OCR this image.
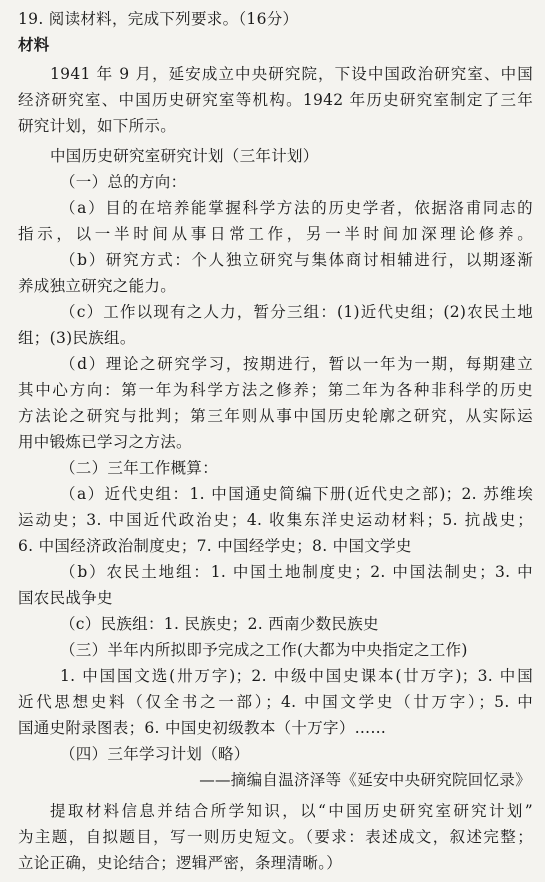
19. 阅读材料，完成下列要求。（16分）
材料
1941 年 9 月，延安成立中央研究院，下设中国政治研究室、中国
经济研究室、中国历史研究室等机构。1942 年历史研究室制定了三年
研究计划，如下所示。
中国历史研究室研究计划（三年计划）
（一）总的方向：
（a）目的在培养能掌握科学方法的历史学者，依据洛甫同志的
指示，以一半时间从事日常工作，另一半时间加深理论修养。
（b）研究方式：个人独立研究与集体商讨相辅进行，以期逐渐
养成独立研究之能力。
（c）工作以现有之人力，暂分三组：(1)近代史组；(2)农民土地
组；(3)民族组。
（d）理论之研究学习，按期进行，暂以一年为一期，每期建立
其中心方向：第一年为科学方法之修养；第二年为各种非科学的历史
方法论之研究与批判；第三年则从事中国历史轮廓之研究，从实际运
用中锻炼已学习之方法。
（二）三年工作概算：
（a）近代史组：1. 中国通史简编下册(近代史之部)；2. 苏维埃
运动史；3. 中国近代政治史；4. 收集东洋史运动材料；5. 抗战史；
6. 中国经济政治制度史；7. 中国经学史；8. 中国文学史
（b）农民土地组：1. 中国土地制度史；2. 中国法制史；3. 中
国农民战争史
（c）民族组：1. 民族史；2. 西南少数民族史
（三）半年内所拟即予完成之工作(大都为中央指定之工作)
1. 中国国文选(卅万字)；2. 中级中国史课本(廿万字)；3. 中国
近代思想史料（仅全书之一部）；4. 中国文学史（廿万字）；5. 中
国通史附录图表；6. 中国史初级教本（十万字）……
（四）三年学习计划（略）
——摘编自温济泽等《延安中央研究院回忆录》
提取材料信息并结合所学知识，以“中国历史研究室研究计划”
为主题，自拟题目，写一则历史短文。（要求：表述成文，叙述完整；
立论正确，史论结合；逻辑严密，条理清晰。）
